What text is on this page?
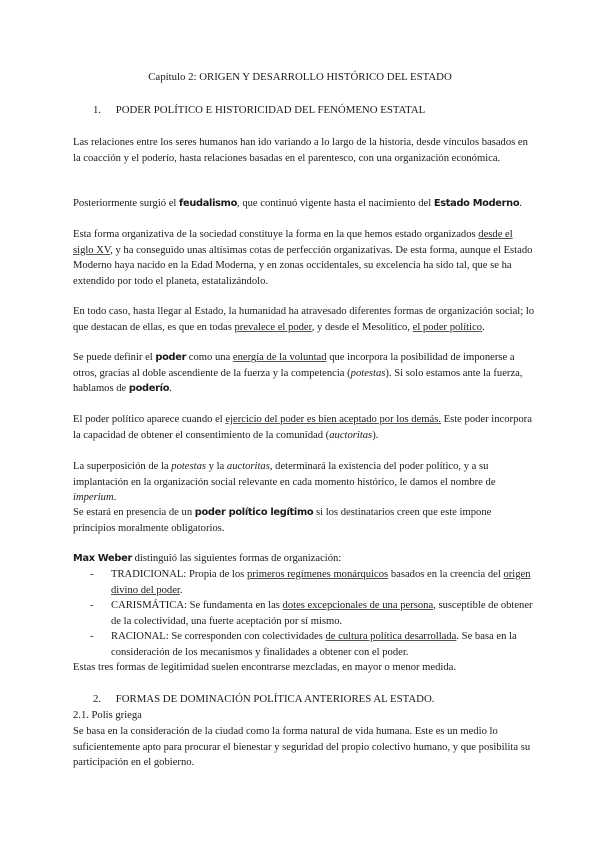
Capítulo 2: ORIGEN Y DESARROLLO HISTÓRICO DEL ESTADO
1. PODER POLÍTICO E HISTORICIDAD DEL FENÓMENO ESTATAL

Las relaciones entre los seres humanos han ido variando a lo largo de la historia, desde vínculos basados en la coacción y el poderío, hasta relaciones basadas en el parentesco, con una organización económica.

Posteriormente surgió el feudalismo, que continuó vigente hasta el nacimiento del Estado Moderno.

Esta forma organizativa de la sociedad constituye la forma en la que hemos estado organizados desde el siglo XV, y ha conseguido unas altísimas cotas de perfección organizativas. De esta forma, aunque el Estado Moderno haya nacido en la Edad Moderna, y en zonas occidentales, su excelencia ha sido tal, que se ha extendido por todo el planeta, estatalizándolo.

En todo caso, hasta llegar al Estado, la humanidad ha atravesado diferentes formas de organización social; lo que destacan de ellas, es que en todas prevalece el poder, y desde el Mesolítico, el poder político.

Se puede definir el poder como una energía de la voluntad que incorpora la posibilidad de imponerse a otros, gracias al doble ascendiente de la fuerza y la competencia (potestas). Si solo estamos ante la fuerza, hablamos de poderío.

El poder político aparece cuando el ejercicio del poder es bien aceptado por los demás. Este poder incorpora la capacidad de obtener el consentimiento de la comunidad (auctoritas).

La superposición de la potestas y la auctoritas, determinará la existencia del poder político, y a su implantación en la organización social relevante en cada momento histórico, le damos el nombre de imperium.

Se estará en presencia de un poder político legítimo si los destinatarios creen que este impone principios moralmente obligatorios.

Max Weber distinguió las siguientes formas de organización:

- TRADICIONAL: Propia de los primeros regímenes monárquicos basados en la creencia del origen divino del poder.
- CARISMÁTICA: Se fundamenta en las dotes excepcionales de una persona, susceptible de obtener de la colectividad, una fuerte aceptación por sí mismo.
- RACIONAL: Se corresponden con colectividades de cultura política desarrollada. Se basa en la consideración de los mecanismos y finalidades a obtener con el poder.

Estas tres formas de legitimidad suelen encontrarse mezcladas, en mayor o menor medida.

2. FORMAS DE DOMINACIÓN POLÍTICA ANTERIORES AL ESTADO.

2.1. Polis griega

Se basa en la consideración de la ciudad como la forma natural de vida humana. Este es un medio lo suficientemente apto para procurar el bienestar y seguridad del propio colectivo humano, y que posibilita su participación en el gobierno.
